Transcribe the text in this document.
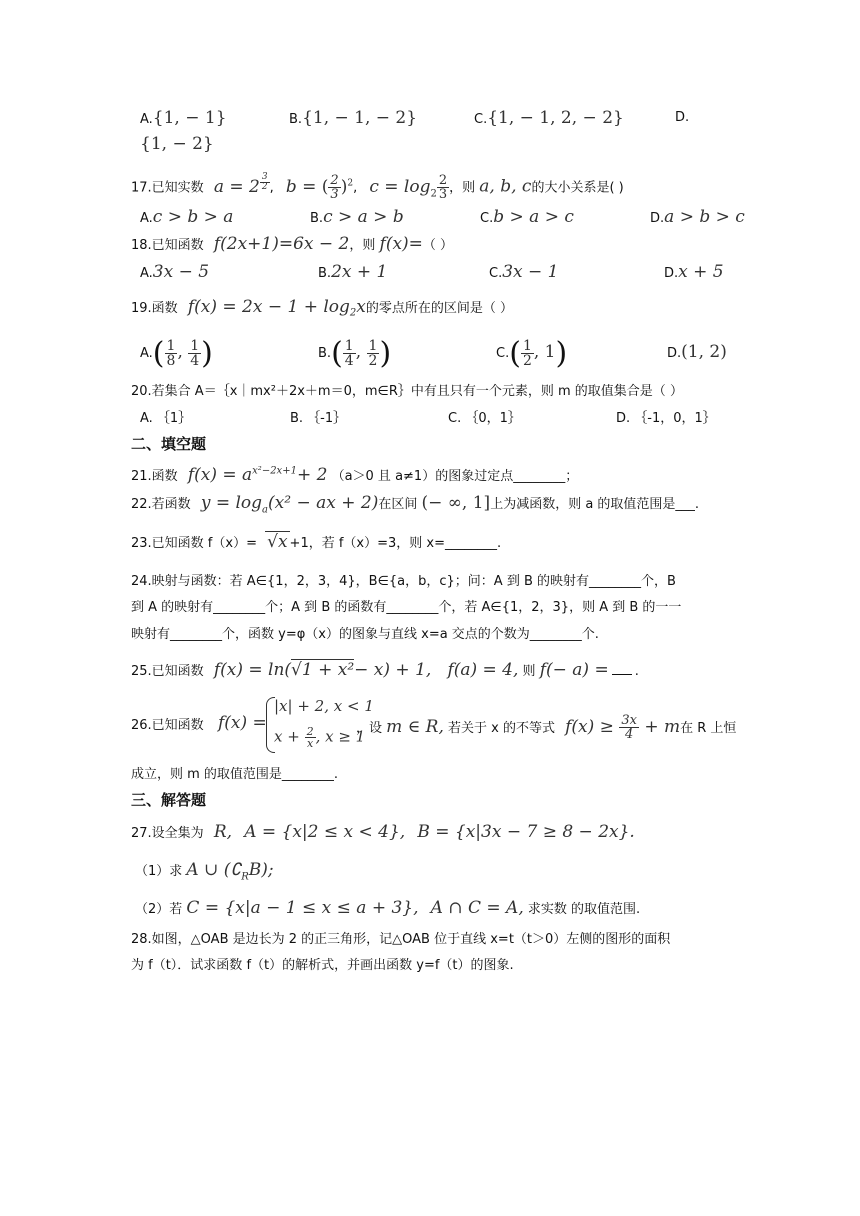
A.{1, − 1}	B.{1, − 1, − 2}	C.{1, − 1, 2, − 2}	D.
{1, − 2}
17.已知实数 a = 2 $^{\frac{3}{2}}$ , b = ( $\frac{2}{3} )^2$, $c = \log_2 \frac{2}{3}$ ，则 a, b, c的大小关系是( )
A.c > b > a	B.c > a > b	C.b > a > c	D.a > b > c
18.已知函数 f(2x+1)=6x − 2，则 f(x)=（ ）
A.3x − 5	B.2x + 1	C.3x − 1	D.x + 5
19.函数 $f(x) = 2x - 1 + \log_2x$的零点所在的区间是（ ）
$A.( \frac{1}{8}$ , $\frac{1}{4}$ )	$B.( \frac{1}{4}$ , $\frac{1}{2}$ )	$C.( \frac{1}{2}$ , 1)	D.(1, 2)
20.若集合 A＝｛x｜mx²＋2x＋m＝0，m∈R｝中有且只有一个元素，则 m 的取值集合是（ ）
A. ｛1｝	B. ｛-1｝	C. ｛0，1｝	D. ｛-1，0，1｝
二、填空题
21.函数 $f(x) = a^{x^2-2x+1}+ 2$ （a＞0 且 a≠1）的图象过定点________；
22.若函数 $y = \log_a(x^2$ − ax + 2)在区间 (− ∞, 1]上为减函数，则 a 的取值范围是___.
23.已知函数 f（x）= √x +1，若 f（x）=3，则 x=________.
24.映射与函数：若 A∈{1，2，3，4}，B∈{a，b，c}；问：A 到 B 的映射有________个，B
到 A 的映射有________个；A 到 B 的函数有________个，若 A∈{1，2，3}，则 A 到 B 的一一
映射有________个，函数 y=φ（x）的图象与直线 x=a 交点的个数为________个.
25.已知函数 f(x) = ln(√1 + x²− x) + 1, f(a) = 4, 则 f(− a) = .
26.已知函数 f(x) =
|x| + 2, x < 1
$x + \frac{2}{x}$ , x ≥ 1
，设 m ∈ R, 若关于 x 的不等式 $f(x) \ge \frac{3x}{4} + m$在 R 上恒
成立，则 m 的取值范围是________.
三、解答题
27.设全集为 R, A = {x|2 ≤ x < 4}, B = {x|3x − 7 ≥ 8 − 2x}.
（1）求 A ∪ $(∁_RB)$;
（2）若 C = {x|a − 1 ≤ x ≤ a + 3}, A ∩ C = A, 求实数 的取值范围.
28.如图，△OAB 是边长为 2 的正三角形，记△OAB 位于直线 x=t（t＞0）左侧的图形的面积
为 f（t）．试求函数 f（t）的解析式，并画出函数 y=f（t）的图象.
